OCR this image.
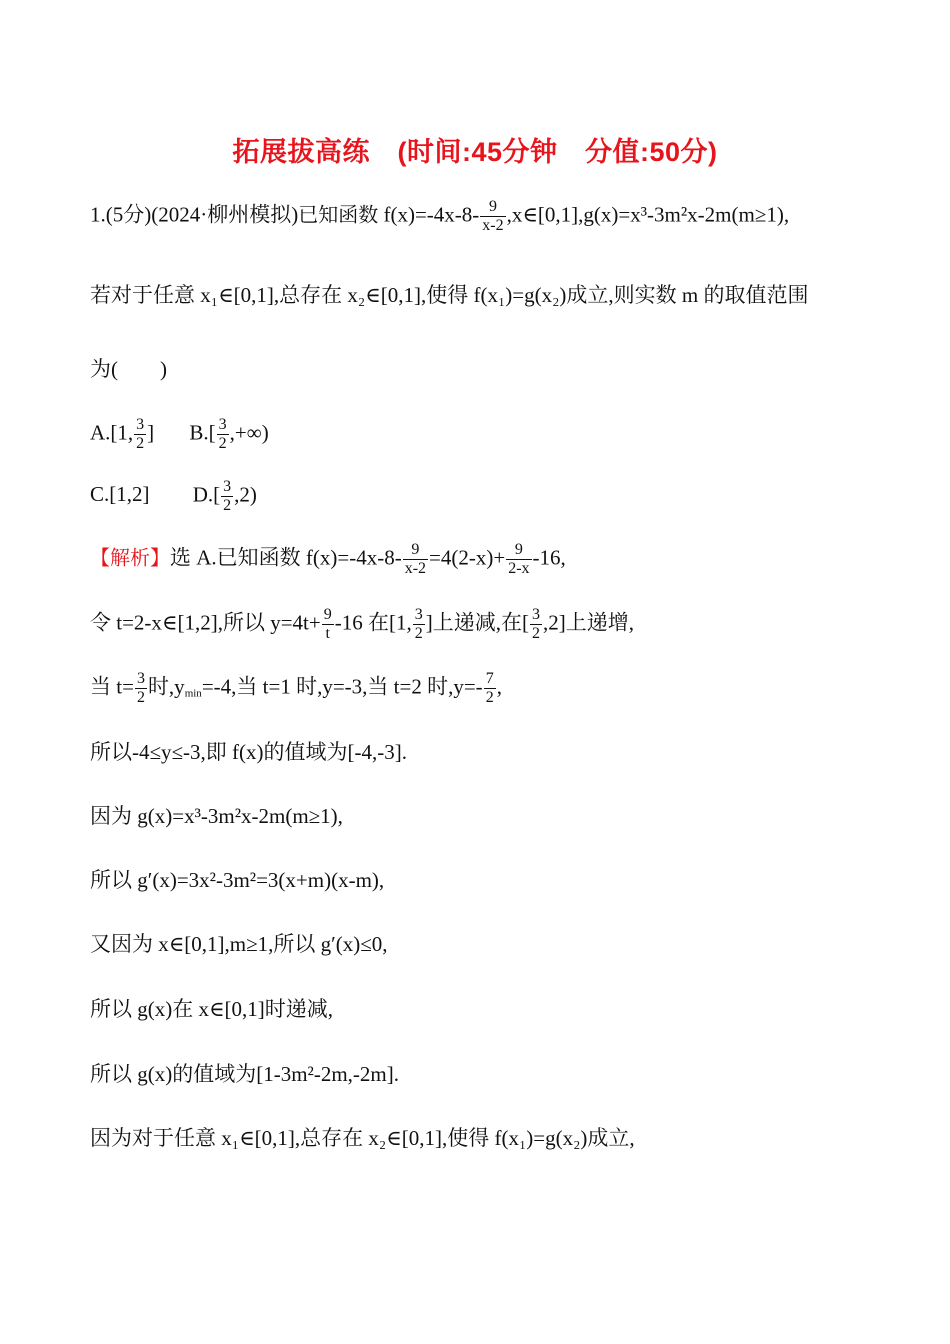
拓展拔高练　(时间:45分钟　分值:50分)
1.(5分)(2024·柳州模拟)已知函数 $f(x)=-4x-8- \frac{9}{x-2}$ ,x∈[0,1],g(x)=x³-3m²x-2m(m≥1),
若对于任意 x₁∈[0,1],总存在 x₂∈[0,1],使得 f(x₁)=g(x₂)成立,则实数 m 的取值范围
为(　　)
A.[1, $\frac{3}{2}$ ] $B.[ \frac{3}{2}$ ,+∞)
C.[1,2] $D.[ \frac{3}{2} ,2)$
【解析】选 A.已知函数 $f(x)=-4x-8- \frac{9}{x-2} =4(2-x)+ \frac{9}{2-x} -16$,
令 t=2-x∈[1,2],所以 $y=4t+ \frac{9}{t} -16$ 在[1, $\frac{3}{2}$ ]上递减,在[ $\frac{3}{2} ,2$]上递增,
当 $t= \frac{3}{2}$ 时$,y_{min}=-4$,当 t=1 时,y=-3,当 t=2 时$,y=- \frac{7}{2}$ ,
所以-4≤y≤-3,即 f(x)的值域为[-4,-3].
因为 g(x)=x³-3m²x-2m(m≥1),
所以 g′(x)=3x²-3m²=3(x+m)(x-m),
又因为 x∈[0,1],m≥1,所以 g′(x)≤0,
所以 g(x)在 x∈[0,1]时递减,
所以 g(x)的值域为[1-3m²-2m,-2m].
因为对于任意 x₁∈[0,1],总存在 x₂∈[0,1],使得 f(x₁)=g(x₂)成立,
